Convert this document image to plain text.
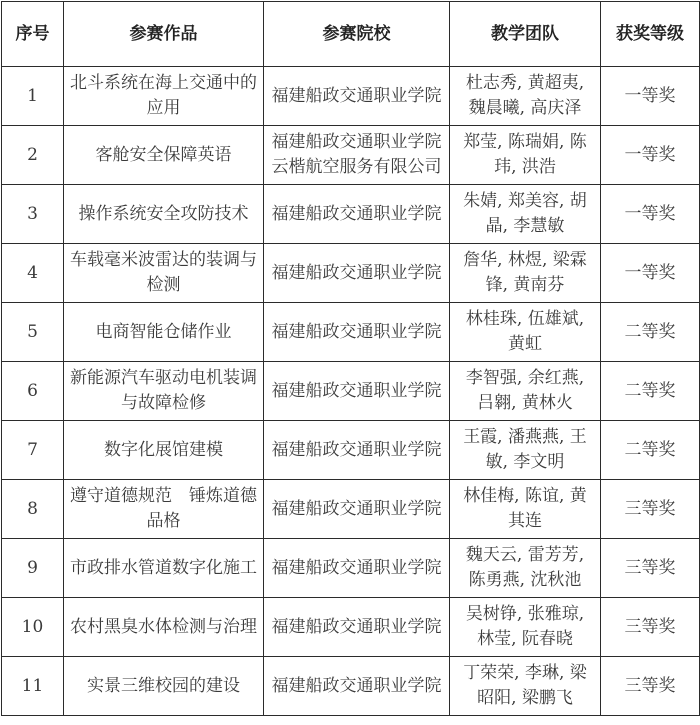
序号	参赛作品	参赛院校	教学团队	获奖等级
1	北斗系统在海上交通中的应用	福建船政交通职业学院	杜志秀, 黄超夷, 魏晨曦, 高庆泽	一等奖
2	客舱安全保障英语	福建船政交通职业学院云楷航空服务有限公司	郑莹, 陈瑞娟, 陈玮, 洪浩	一等奖
3	操作系统安全攻防技术	福建船政交通职业学院	朱婧, 郑美容, 胡晶, 李慧敏	一等奖
4	车载毫米波雷达的装调与检测	福建船政交通职业学院	詹华, 林煜, 梁霖锋, 黄南芬	一等奖
5	电商智能仓储作业	福建船政交通职业学院	林桂珠, 伍雄斌, 黄虹	二等奖
6	新能源汽车驱动电机装调与故障检修	福建船政交通职业学院	李智强, 余红燕, 吕翱, 黄林火	二等奖
7	数字化展馆建模	福建船政交通职业学院	王霞, 潘燕燕, 王敏, 李文明	二等奖
8	遵守道德规范　锤炼道德品格	福建船政交通职业学院	林佳梅, 陈谊, 黄其连	三等奖
9	市政排水管道数字化施工	福建船政交通职业学院	魏天云, 雷芳芳, 陈勇燕, 沈秋池	三等奖
10	农村黑臭水体检测与治理	福建船政交通职业学院	吴树铮, 张雅琼, 林莹, 阮春晓	三等奖
11	实景三维校园的建设	福建船政交通职业学院	丁荣荣, 李琳, 梁昭阳, 梁鹏飞	三等奖
